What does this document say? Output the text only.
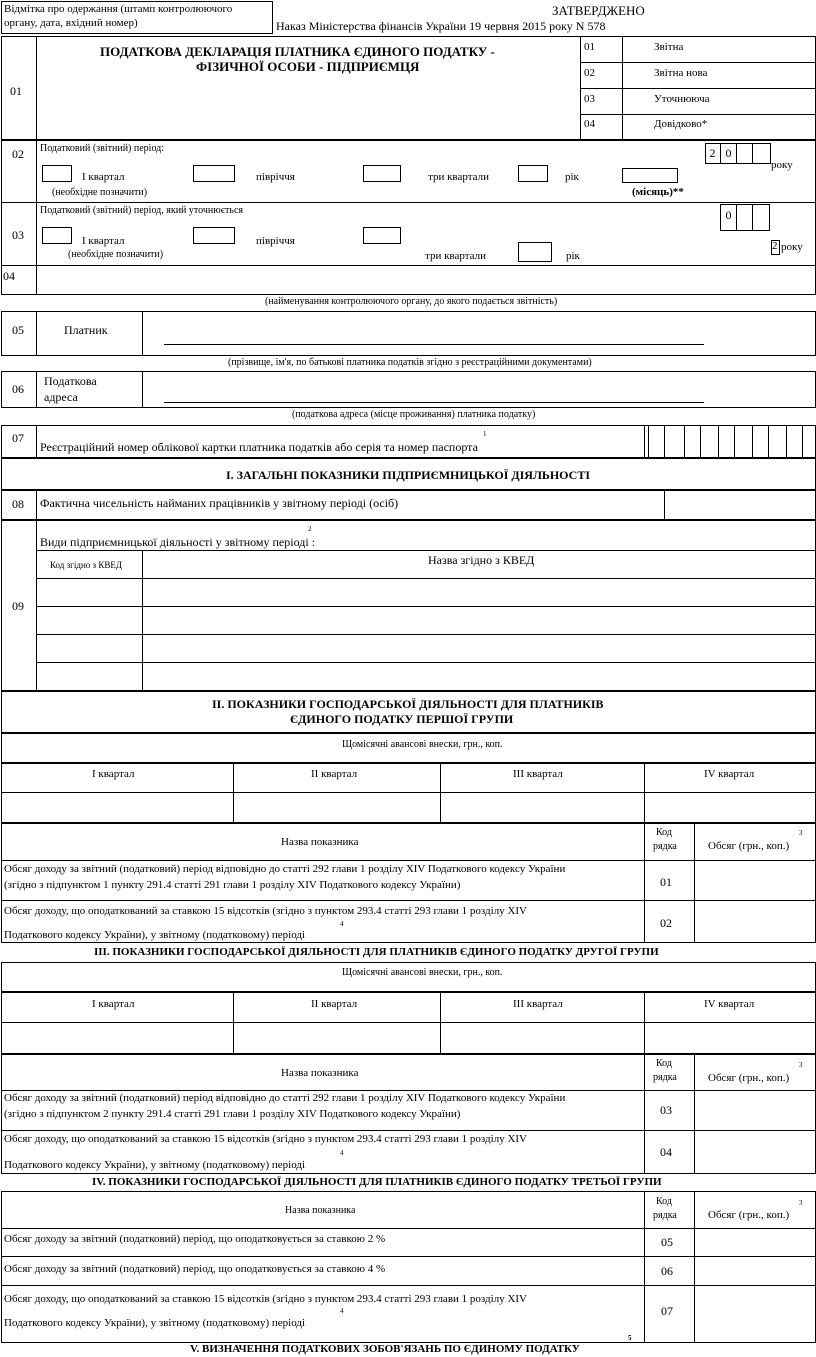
Відмітка про одержання (штамп контролюючого
органу, дата, вхідний номер)
ЗАТВЕРДЖЕНО
Наказ Міністерства фінансів України 19 червня 2015 року N 578
01
ПОДАТКОВА ДЕКЛАРАЦІЯ ПЛАТНИКА ЄДИНОГО ПОДАТКУ -
ФІЗИЧНОЇ ОСОБИ - ПІДПРИЄМЦЯ
01	Звітна
02	Звітна нова
03	Уточнююча
04	Довідково*
02 Податковий (звітний) період:
I квартал	півріччя	три квартали	рік
(необхідне позначити)	(місяць)**
2 0
року
03
Податковий (звітний) період, який уточнюється
I квартал	півріччя
три квартали	рік
(необхідне позначити)
0
2 року
04
(найменування контролюючого органу, до якого подається звітність)
05	Платник
(прізвище, ім'я, по батькові платника податків згідно з реєстраційними документами)
06
Податкова
адреса
(податкова адреса (місце проживання) платника податку)
07
Реєстраційний номер облікової картки платника податків або серія та номер паспорта
1
I. ЗАГАЛЬНІ ПОКАЗНИКИ ПІДПРИЄМНИЦЬКОЇ ДІЯЛЬНОСТІ
08 Фактична чисельність найманих працівників у звітному періоді (осіб)
09
Види підприємницької діяльності у звітному періоді :
2
Код згідно з КВЕД	Назва згідно з КВЕД
II. ПОКАЗНИКИ ГОСПОДАРСЬКОЇ ДІЯЛЬНОСТІ ДЛЯ ПЛАТНИКІВ
ЄДИНОГО ПОДАТКУ ПЕРШОЇ ГРУПИ
Щомісячні авансові внески, грн., коп.
I квартал	II квартал	III квартал	IV квартал
Назва показника
Код
рядка	Обсяг (грн., коп.)
3
Обсяг доходу за звітний (податковий) період відповідно до статті 292 глави 1 розділу XIV Податкового кодексу України
(згідно з підпунктом 1 пункту 291.4 статті 291 глави 1 розділу XIV Податкового кодексу України)	01
Обсяг доходу, що оподаткований за ставкою 15 відсотків (згідно з пунктом 293.4 статті 293 глави 1 розділу XIV
Податкового кодексу України), у звітному (податковому) періоді
4	02
III. ПОКАЗНИКИ ГОСПОДАРСЬКОЇ ДІЯЛЬНОСТІ ДЛЯ ПЛАТНИКІВ ЄДИНОГО ПОДАТКУ ДРУГОЇ ГРУПИ
Щомісячні авансові внески, грн., коп.
I квартал	II квартал	III квартал	IV квартал
Назва показника
Код
рядка	Обсяг (грн., коп.)
3
Обсяг доходу за звітний (податковий) період відповідно до статті 292 глави 1 розділу XIV Податкового кодексу України
(згідно з підпунктом 2 пункту 291.4 статті 291 глави 1 розділу XIV Податкового кодексу України)	03
Обсяг доходу, що оподаткований за ставкою 15 відсотків (згідно з пунктом 293.4 статті 293 глави 1 розділу XIV
Податкового кодексу України), у звітному (податковому) періоді
4	04
IV. ПОКАЗНИКИ ГОСПОДАРСЬКОЇ ДІЯЛЬНОСТІ ДЛЯ ПЛАТНИКІВ ЄДИНОГО ПОДАТКУ ТРЕТЬОЇ ГРУПИ
Назва показника
Код
рядка	Обсяг (грн., коп.)
3
Обсяг доходу за звітний (податковий) період, що оподатковується за ставкою 2 %	05
Обсяг доходу за звітний (податковий) період, що оподатковується за ставкою 4 %	06
Обсяг доходу, що оподаткований за ставкою 15 відсотків (згідно з пунктом 293.4 статті 293 глави 1 розділу XIV
Податкового кодексу України), у звітному (податковому) періоді
4	07
V. ВИЗНАЧЕННЯ ПОДАТКОВИХ ЗОБОВ'ЯЗАНЬ ПО ЄДИНОМУ ПОДАТКУ
5
